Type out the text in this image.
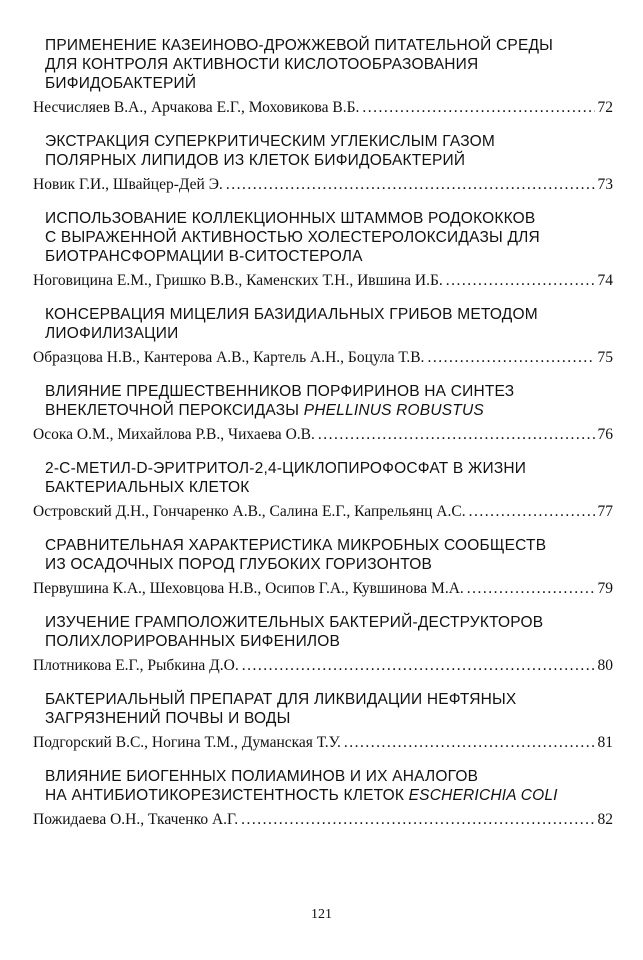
ПРИМЕНЕНИЕ КАЗЕИНОВО-ДРОЖЖЕВОЙ ПИТАТЕЛЬНОЙ СРЕДЫ
ДЛЯ КОНТРОЛЯ АКТИВНОСТИ КИСЛОТООБРАЗОВАНИЯ
БИФИДОБАКТЕРИЙ
Несчисляев В.А., Арчакова Е.Г., Моховикова В.Б. .....	72
ЭКСТРАКЦИЯ СУПЕРКРИТИЧЕСКИМ УГЛЕКИСЛЫМ ГАЗОМ
ПОЛЯРНЫХ ЛИПИДОВ ИЗ КЛЕТОК БИФИДОБАКТЕРИЙ
Новик Г.И., Швайцер-Дей Э. .....	73
ИСПОЛЬЗОВАНИЕ КОЛЛЕКЦИОННЫХ ШТАММОВ РОДОКОККОВ
С ВЫРАЖЕННОЙ АКТИВНОСТЬЮ ХОЛЕСТЕРОЛОКСИДАЗЫ ДЛЯ
БИОТРАНСФОРМАЦИИ В-СИТОСТЕРОЛА
Ноговицина Е.М., Гришко В.В., Каменских Т.Н., Ившина И.Б. .....	74
КОНСЕРВАЦИЯ МИЦЕЛИЯ БАЗИДИАЛЬНЫХ ГРИБОВ МЕТОДОМ
ЛИОФИЛИЗАЦИИ
Образцова Н.В., Кантерова А.В., Картель А.Н., Боцула Т.В. .....	75
ВЛИЯНИЕ ПРЕДШЕСТВЕННИКОВ ПОРФИРИНОВ НА СИНТЕЗ
ВНЕКЛЕТОЧНОЙ ПЕРОКСИДАЗЫ PHELLINUS ROBUSTUS
Осока О.М., Михайлова Р.В., Чихаева О.В. .....	76
2-С-МЕТИЛ-D-ЭРИТРИТОЛ-2,4-ЦИКЛОПИРОФОСФАТ В ЖИЗНИ
БАКТЕРИАЛЬНЫХ КЛЕТОК
Островский Д.Н., Гончаренко А.В., Салина Е.Г., Капрельянц А.С. .....	77
СРАВНИТЕЛЬНАЯ ХАРАКТЕРИСТИКА МИКРОБНЫХ СООБЩЕСТВ
ИЗ ОСАДОЧНЫХ ПОРОД ГЛУБОКИХ ГОРИЗОНТОВ
Первушина К.А., Шеховцова Н.В., Осипов Г.А., Кувшинова М.А. .....	79
ИЗУЧЕНИЕ ГРАМПОЛОЖИТЕЛЬНЫХ БАКТЕРИЙ-ДЕСТРУКТОРОВ
ПОЛИХЛОРИРОВАННЫХ БИФЕНИЛОВ
Плотникова Е.Г., Рыбкина Д.О. .....	80
БАКТЕРИАЛЬНЫЙ ПРЕПАРАТ ДЛЯ ЛИКВИДАЦИИ НЕФТЯНЫХ
ЗАГРЯЗНЕНИЙ ПОЧВЫ И ВОДЫ
Подгорский В.С., Ногина Т.М., Думанская Т.У. .....	81
ВЛИЯНИЕ БИОГЕННЫХ ПОЛИАМИНОВ И ИХ АНАЛОГОВ
НА АНТИБИОТИКОРЕЗИСТЕНТНОСТЬ КЛЕТОК ESCHERICHIA COLI
Пожидаева О.Н., Ткаченко А.Г. .....	82
121
